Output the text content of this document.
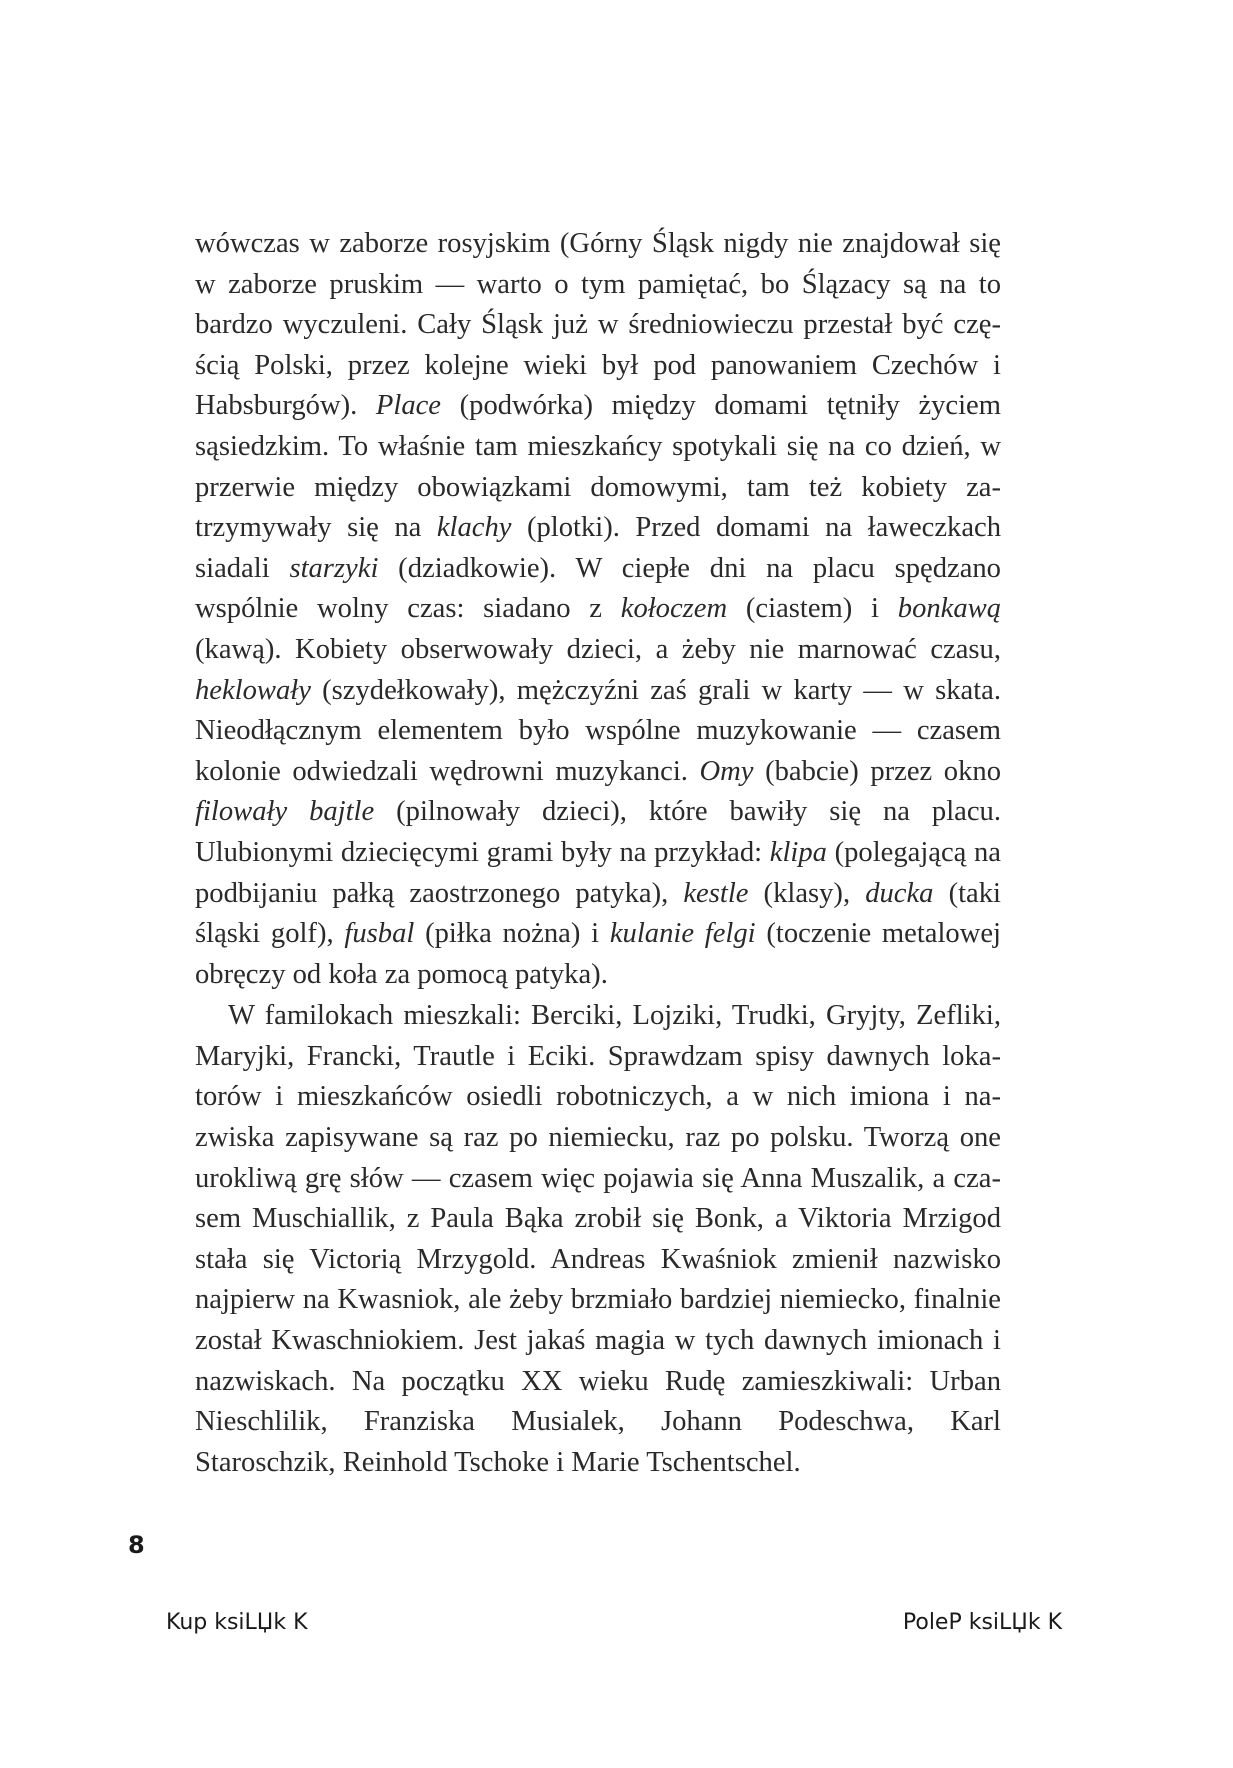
wówczas w zaborze rosyjskim (Górny Śląsk nigdy nie znajdował się w zaborze pruskim — warto o tym pamiętać, bo Ślązacy są na to bardzo wyczuleni. Cały Śląsk już w średniowieczu przestał być częścią Polski, przez kolejne wieki był pod panowaniem Czechów i Habsburgów). Place (podwórka) między domami tętniły życiem sąsiedzkim. To właśnie tam mieszkańcy spotykali się na co dzień, w przerwie między obowiązkami domowymi, tam też kobiety zatrzymywały się na klachy (plotki). Przed domami na ławeczkach siadali starzyki (dziadkowie). W ciepłe dni na placu spędzano wspólnie wolny czas: siadano z kołoczem (ciastem) i bonkawą (kawą). Kobiety obserwowały dzieci, a żeby nie marnować czasu, heklowały (szydełkowały), mężczyźni zaś grali w karty — w skata. Nieodłącznym elementem było wspólne muzykowanie — czasem kolonie odwiedzali wędrowni muzykanci. Omy (babcie) przez okno filowały bajtle (pilnowały dzieci), które bawiły się na placu. Ulubionymi dziecięcymi grami były na przykład: klipa (polegającą na podbijaniu pałką zaostrzonego patyka), kestle (klasy), ducka (taki śląski golf), fusbal (piłka nożna) i kulanie felgi (toczenie metalowej obręczy od koła za pomocą patyka).

W familokach mieszkali: Berciki, Lojziki, Trudki, Gryjty, Zefliki, Maryjki, Francki, Trautle i Eciki. Sprawdzam spisy dawnych lokatorów i mieszkańców osiedli robotniczych, a w nich imiona i nazwiska zapisywane są raz po niemiecku, raz po polsku. Tworzą one urokliwą grę słów — czasem więc pojawia się Anna Muszalik, a czasem Muschiallik, z Paula Bąka zrobił się Bonk, a Viktoria Mrzigod stała się Victorią Mrzygold. Andreas Kwaśniok zmienił nazwisko najpierw na Kwasniok, ale żeby brzmiało bardziej niemiecko, finalnie został Kwaschniokiem. Jest jakaś magia w tych dawnych imionach i nazwiskach. Na początku XX wieku Rudę zamieszkiwali: Urban Nieschlilik, Franziska Musialek, Johann Podeschwa, Karl Staroschzik, Reinhold Tschoke i Marie Tschentschel.

8
Kup ksiLЏk K	PoleP ksiLЏk K
